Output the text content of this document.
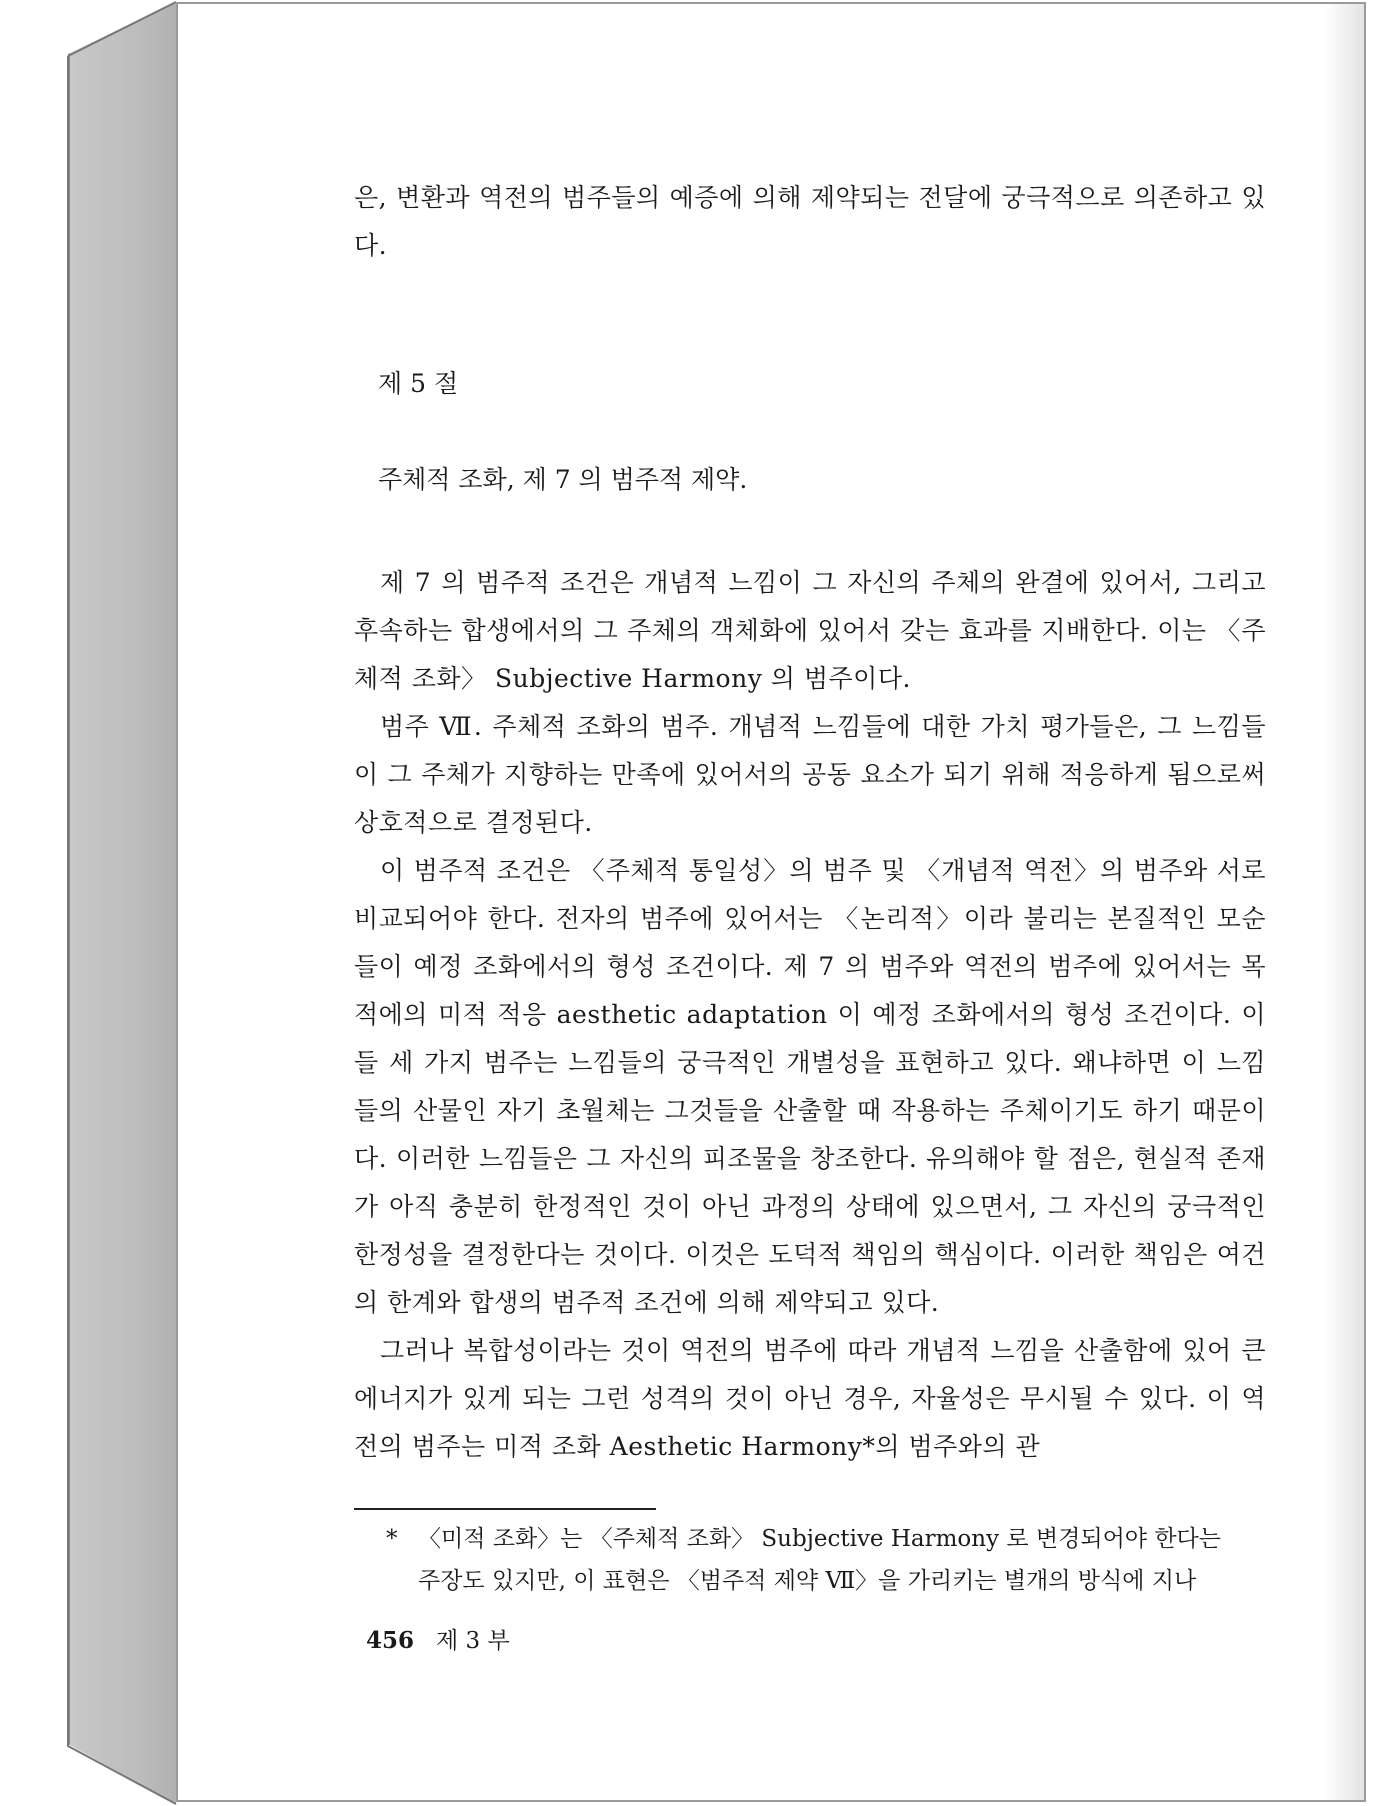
은, 변환과 역전의 범주들의 예증에 의해 제약되는 전달에 궁극적으로 의존하고 있다.

제 5 절

주체적 조화, 제 7 의 범주적 제약.

제 7 의 범주적 조건은 개념적 느낌이 그 자신의 주체의 완결에 있어서, 그리고 후속하는 합생에서의 그 주체의 객체화에 있어서 갖는 효과를 지배한다. 이는 〈주체적 조화〉 Subjective Harmony 의 범주이다.

범주 Ⅶ. 주체적 조화의 범주. 개념적 느낌들에 대한 가치 평가들은, 그 느낌들이 그 주체가 지향하는 만족에 있어서의 공동 요소가 되기 위해 적응하게 됨으로써 상호적으로 결정된다.

이 범주적 조건은 〈주체적 통일성〉의 범주 및 〈개념적 역전〉의 범주와 서로 비교되어야 한다. 전자의 범주에 있어서는 〈논리적〉이라 불리는 본질적인 모순들이 예정 조화에서의 형성 조건이다. 제 7 의 범주와 역전의 범주에 있어서는 목적에의 미적 적응 aesthetic adaptation 이 예정 조화에서의 형성 조건이다. 이들 세 가지 범주는 느낌들의 궁극적인 개별성을 표현하고 있다. 왜냐하면 이 느낌들의 산물인 자기 초월체는 그것들을 산출할 때 작용하는 주체이기도 하기 때문이다. 이러한 느낌들은 그 자신의 피조물을 창조한다. 유의해야 할 점은, 현실적 존재가 아직 충분히 한정적인 것이 아닌 과정의 상태에 있으면서, 그 자신의 궁극적인 한정성을 결정한다는 것이다. 이것은 도덕적 책임의 핵심이다. 이러한 책임은 여건의 한계와 합생의 범주적 조건에 의해 제약되고 있다.

그러나 복합성이라는 것이 역전의 범주에 따라 개념적 느낌을 산출함에 있어 큰 에너지가 있게 되는 그런 성격의 것이 아닌 경우, 자율성은 무시될 수 있다. 이 역전의 범주는 미적 조화 Aesthetic Harmony*의 범주와의 관

* 〈미적 조화〉는 〈주체적 조화〉 Subjective Harmony 로 변경되어야 한다는
주장도 있지만, 이 표현은 〈범주적 제약 Ⅶ〉을 가리키는 별개의 방식에 지나

456 제 3 부
